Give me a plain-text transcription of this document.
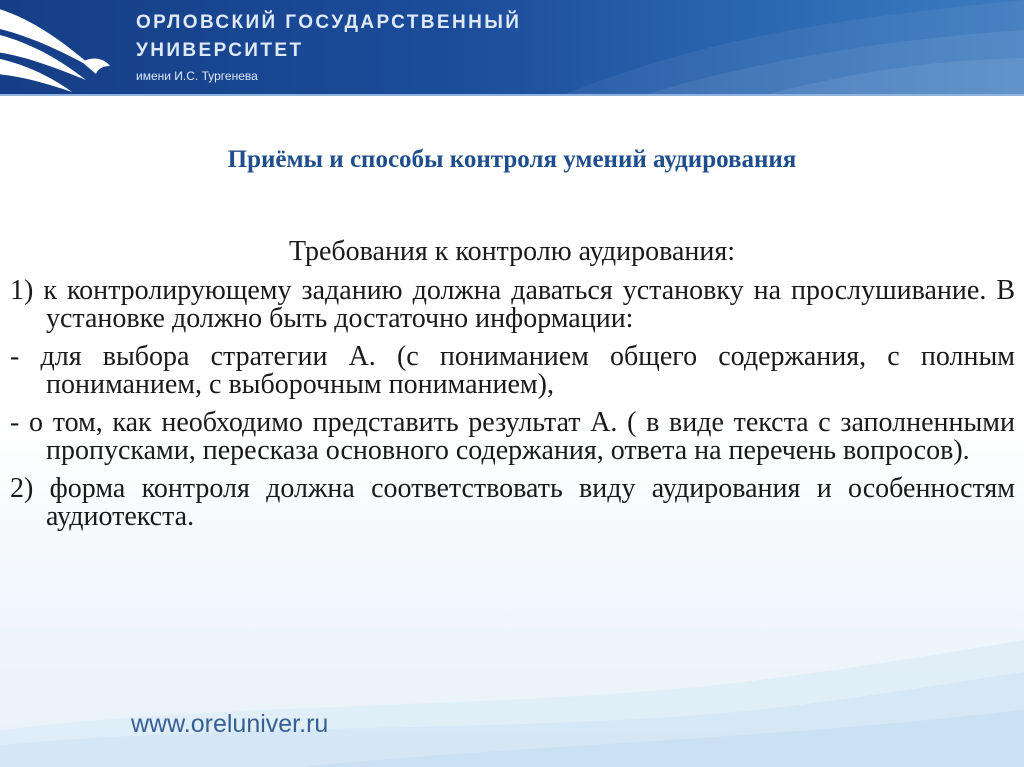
ОРЛОВСКИЙ ГОСУДАРСТВЕННЫЙ
УНИВЕРСИТЕТ
имени И.С. Тургенева
Приёмы и способы контроля умений аудирования
Требования к контролю аудирования:

1) к контролирующему заданию должна даваться установку на прослушивание. В установке должно быть достаточно информации:

- для выбора стратегии А. (с пониманием общего содержания, с полным пониманием, с выборочным пониманием),

- о том, как необходимо представить результат А. ( в виде текста с заполненными пропусками, пересказа основного содержания, ответа на перечень вопросов).

2) форма контроля должна соответствовать виду аудирования и особенностям аудиотекста.

www.oreluniver.ru
